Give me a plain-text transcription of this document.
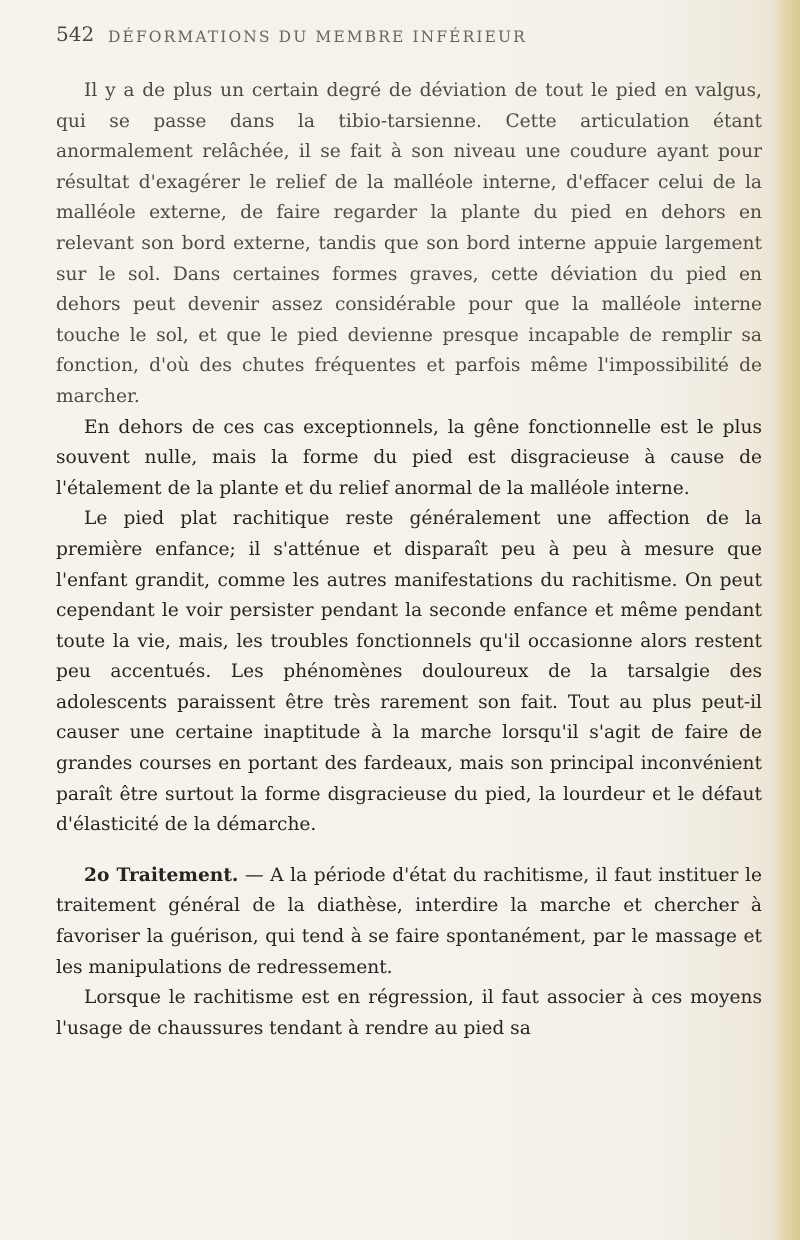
542 DÉFORMATIONS DU MEMBRE INFÉRIEUR

Il y a de plus un certain degré de déviation de tout le pied en valgus, qui se passe dans la tibio-tarsienne. Cette articulation étant anormalement relâchée, il se fait à son niveau une coudure ayant pour résultat d'exagérer le relief de la malléole interne, d'effacer celui de la malléole externe, de faire regarder la plante du pied en dehors en relevant son bord externe, tandis que son bord interne appuie largement sur le sol. Dans certaines formes graves, cette déviation du pied en dehors peut devenir assez considérable pour que la malléole interne touche le sol, et que le pied devienne presque incapable de remplir sa fonction, d'où des chutes fréquentes et parfois même l'impossibilité de marcher.

En dehors de ces cas exceptionnels, la gêne fonctionnelle est le plus souvent nulle, mais la forme du pied est disgracieuse à cause de l'étalement de la plante et du relief anormal de la malléole interne.

Le pied plat rachitique reste généralement une affection de la première enfance; il s'atténue et disparaît peu à peu à mesure que l'enfant grandit, comme les autres manifestations du rachitisme. On peut cependant le voir persister pendant la seconde enfance et même pendant toute la vie, mais, les troubles fonctionnels qu'il occasionne alors restent peu accentués. Les phénomènes douloureux de la tarsalgie des adolescents paraissent être très rarement son fait. Tout au plus peut-il causer une certaine inaptitude à la marche lorsqu'il s'agit de faire de grandes courses en portant des fardeaux, mais son principal inconvénient paraît être surtout la forme disgracieuse du pied, la lourdeur et le défaut d'élasticité de la démarche.

2o Traitement. — A la période d'état du rachitisme, il faut instituer le traitement général de la diathèse, interdire la marche et chercher à favoriser la guérison, qui tend à se faire spontanément, par le massage et les manipulations de redressement.

Lorsque le rachitisme est en régression, il faut associer à ces moyens l'usage de chaussures tendant à rendre au pied sa
